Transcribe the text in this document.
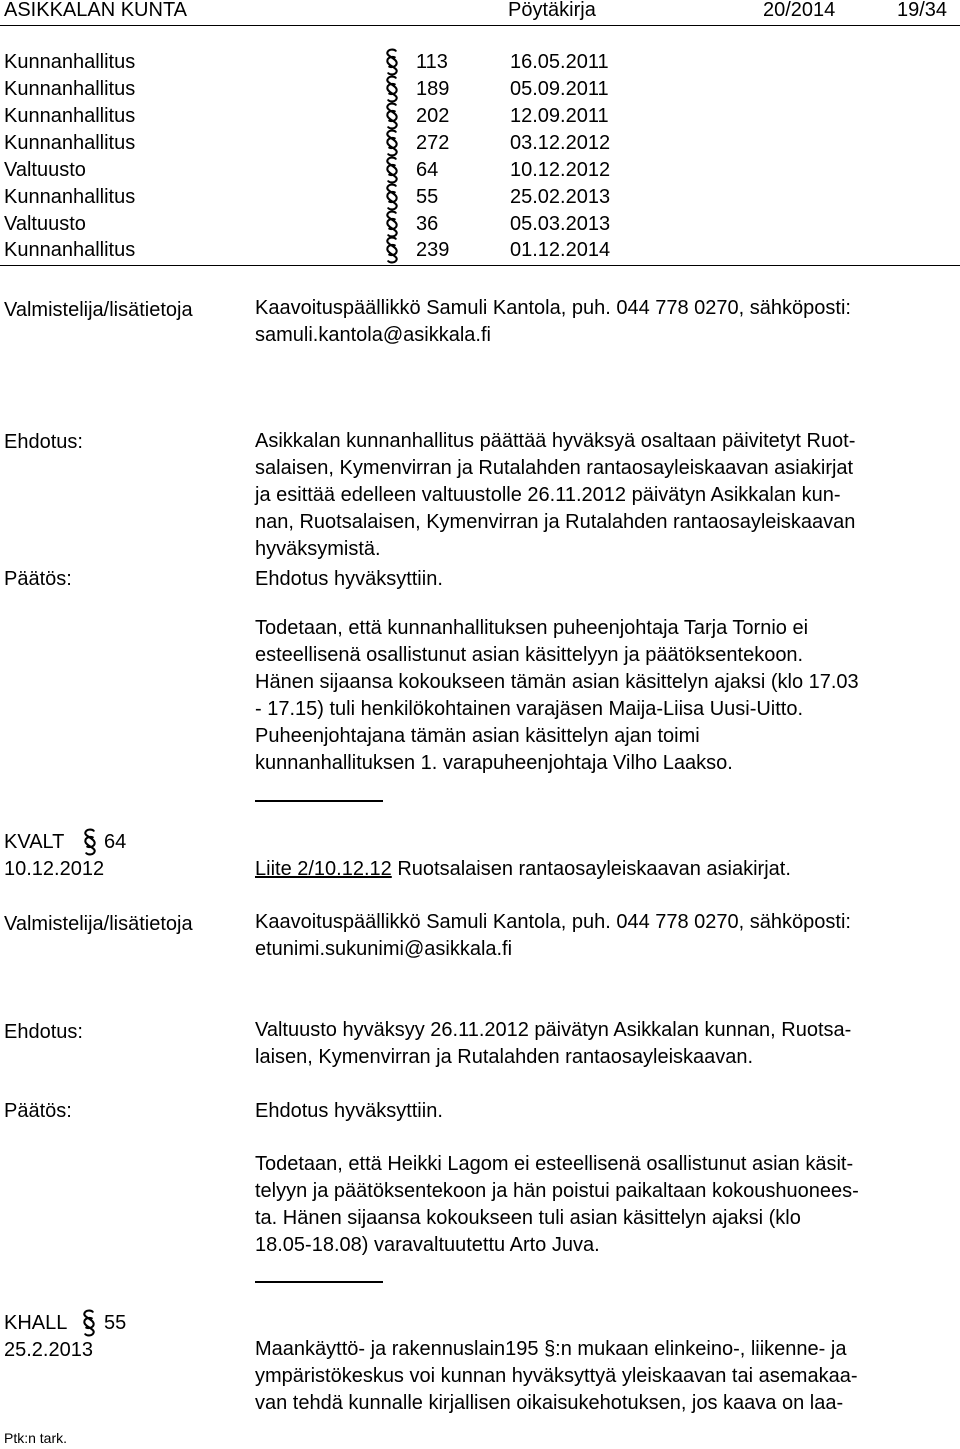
ASIKKALAN KUNTA	Pöytäkirja	20/2014	19/34
Kunnanhallitus	113	16.05.2011
Kunnanhallitus	189	05.09.2011
Kunnanhallitus	202	12.09.2011
Kunnanhallitus	272	03.12.2012
Valtuusto	64	10.12.2012
Kunnanhallitus	55	25.02.2013
Valtuusto	36	05.03.2013
Kunnanhallitus	239	01.12.2014
Valmistelija/lisätietoja	Kaavoituspäällikkö Samuli Kantola, puh. 044 778 0270, sähköposti:
samuli.kantola@asikkala.fi
Ehdotus:	Asikkalan kunnanhallitus päättää hyväksyä osaltaan päivitetyt Ruot-
salaisen, Kymenvirran ja Rutalahden rantaosayleiskaavan asiakirjat
ja esittää edelleen valtuustolle 26.11.2012 päivätyn Asikkalan kun-
nan, Ruotsalaisen, Kymenvirran ja Rutalahden rantaosayleiskaavan
hyväksymistä.
Päätös:	Ehdotus hyväksyttiin.
Todetaan, että kunnanhallituksen puheenjohtaja Tarja Tornio ei
esteellisenä osallistunut asian käsittelyyn ja päätöksentekoon.
Hänen sijaansa kokoukseen tämän asian käsittelyn ajaksi (klo 17.03
- 17.15) tuli henkilökohtainen varajäsen Maija-Liisa Uusi-Uitto.
Puheenjohtajana tämän asian käsittelyn ajan toimi
kunnanhallituksen 1. varapuheenjohtaja Vilho Laakso.
KVALT 64
10.12.2012	Liite 2/10.12.12 Ruotsalaisen rantaosayleiskaavan asiakirjat.
Valmistelija/lisätietoja	Kaavoituspäällikkö Samuli Kantola, puh. 044 778 0270, sähköposti:
etunimi.sukunimi@asikkala.fi
Ehdotus:	Valtuusto hyväksyy 26.11.2012 päivätyn Asikkalan kunnan, Ruotsa-
laisen, Kymenvirran ja Rutalahden rantaosayleiskaavan.
Päätös:	Ehdotus hyväksyttiin.
Todetaan, että Heikki Lagom ei esteellisenä osallistunut asian käsit-
telyyn ja päätöksentekoon ja hän poistui paikaltaan kokoushuonees-
ta. Hänen sijaansa kokoukseen tuli asian käsittelyn ajaksi (klo
18.05-18.08) varavaltuutettu Arto Juva.
KHALL 55
25.2.2013	Maankäyttö- ja rakennuslain195 §:n mukaan elinkeino-, liikenne- ja
ympäristökeskus voi kunnan hyväksyttyä yleiskaavan tai asemakaa-
van tehdä kunnalle kirjallisen oikaisukehotuksen, jos kaava on laa-
Ptk:n tark.
